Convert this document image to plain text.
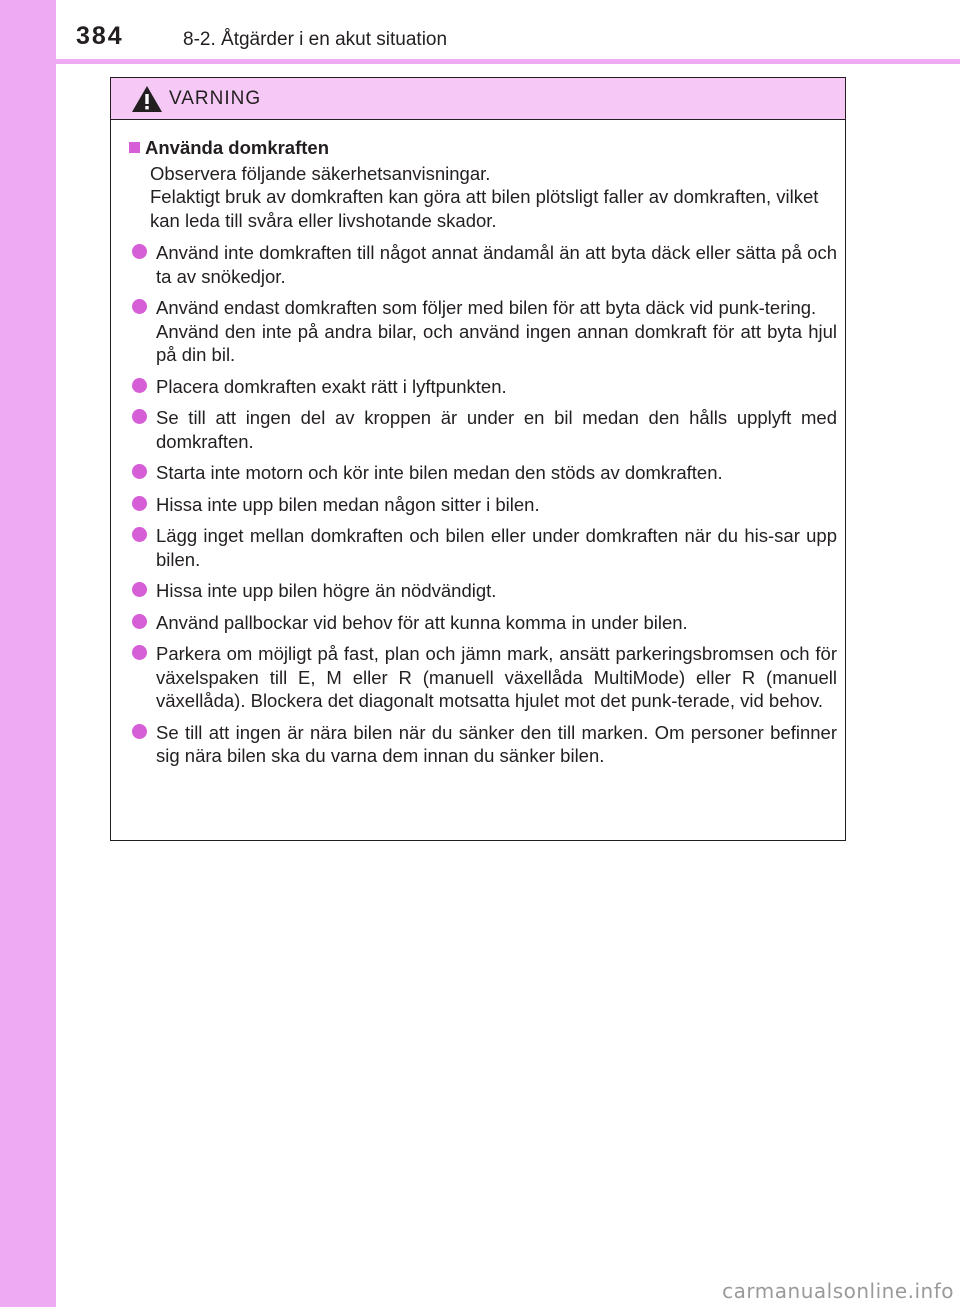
384	8-2. Åtgärder i en akut situation
VARNING
Använda domkraften
Observera följande säkerhetsanvisningar.
Felaktigt bruk av domkraften kan göra att bilen plötsligt faller av domkraften, vilket kan leda till svåra eller livshotande skador.
Använd inte domkraften till något annat ändamål än att byta däck eller sätta på och ta av snökedjor.
Använd endast domkraften som följer med bilen för att byta däck vid punk-tering.
Använd den inte på andra bilar, och använd ingen annan domkraft för att byta hjul på din bil.
Placera domkraften exakt rätt i lyftpunkten.
Se till att ingen del av kroppen är under en bil medan den hålls upplyft med domkraften.
Starta inte motorn och kör inte bilen medan den stöds av domkraften.
Hissa inte upp bilen medan någon sitter i bilen.
Lägg inget mellan domkraften och bilen eller under domkraften när du his-sar upp bilen.
Hissa inte upp bilen högre än nödvändigt.
Använd pallbockar vid behov för att kunna komma in under bilen.
Parkera om möjligt på fast, plan och jämn mark, ansätt parkeringsbromsen och för växelspaken till E, M eller R (manuell växellåda MultiMode) eller R (manuell växellåda). Blockera det diagonalt motsatta hjulet mot det punk-terade, vid behov.
Se till att ingen är nära bilen när du sänker den till marken. Om personer befinner sig nära bilen ska du varna dem innan du sänker bilen.
carmanualsonline.info
